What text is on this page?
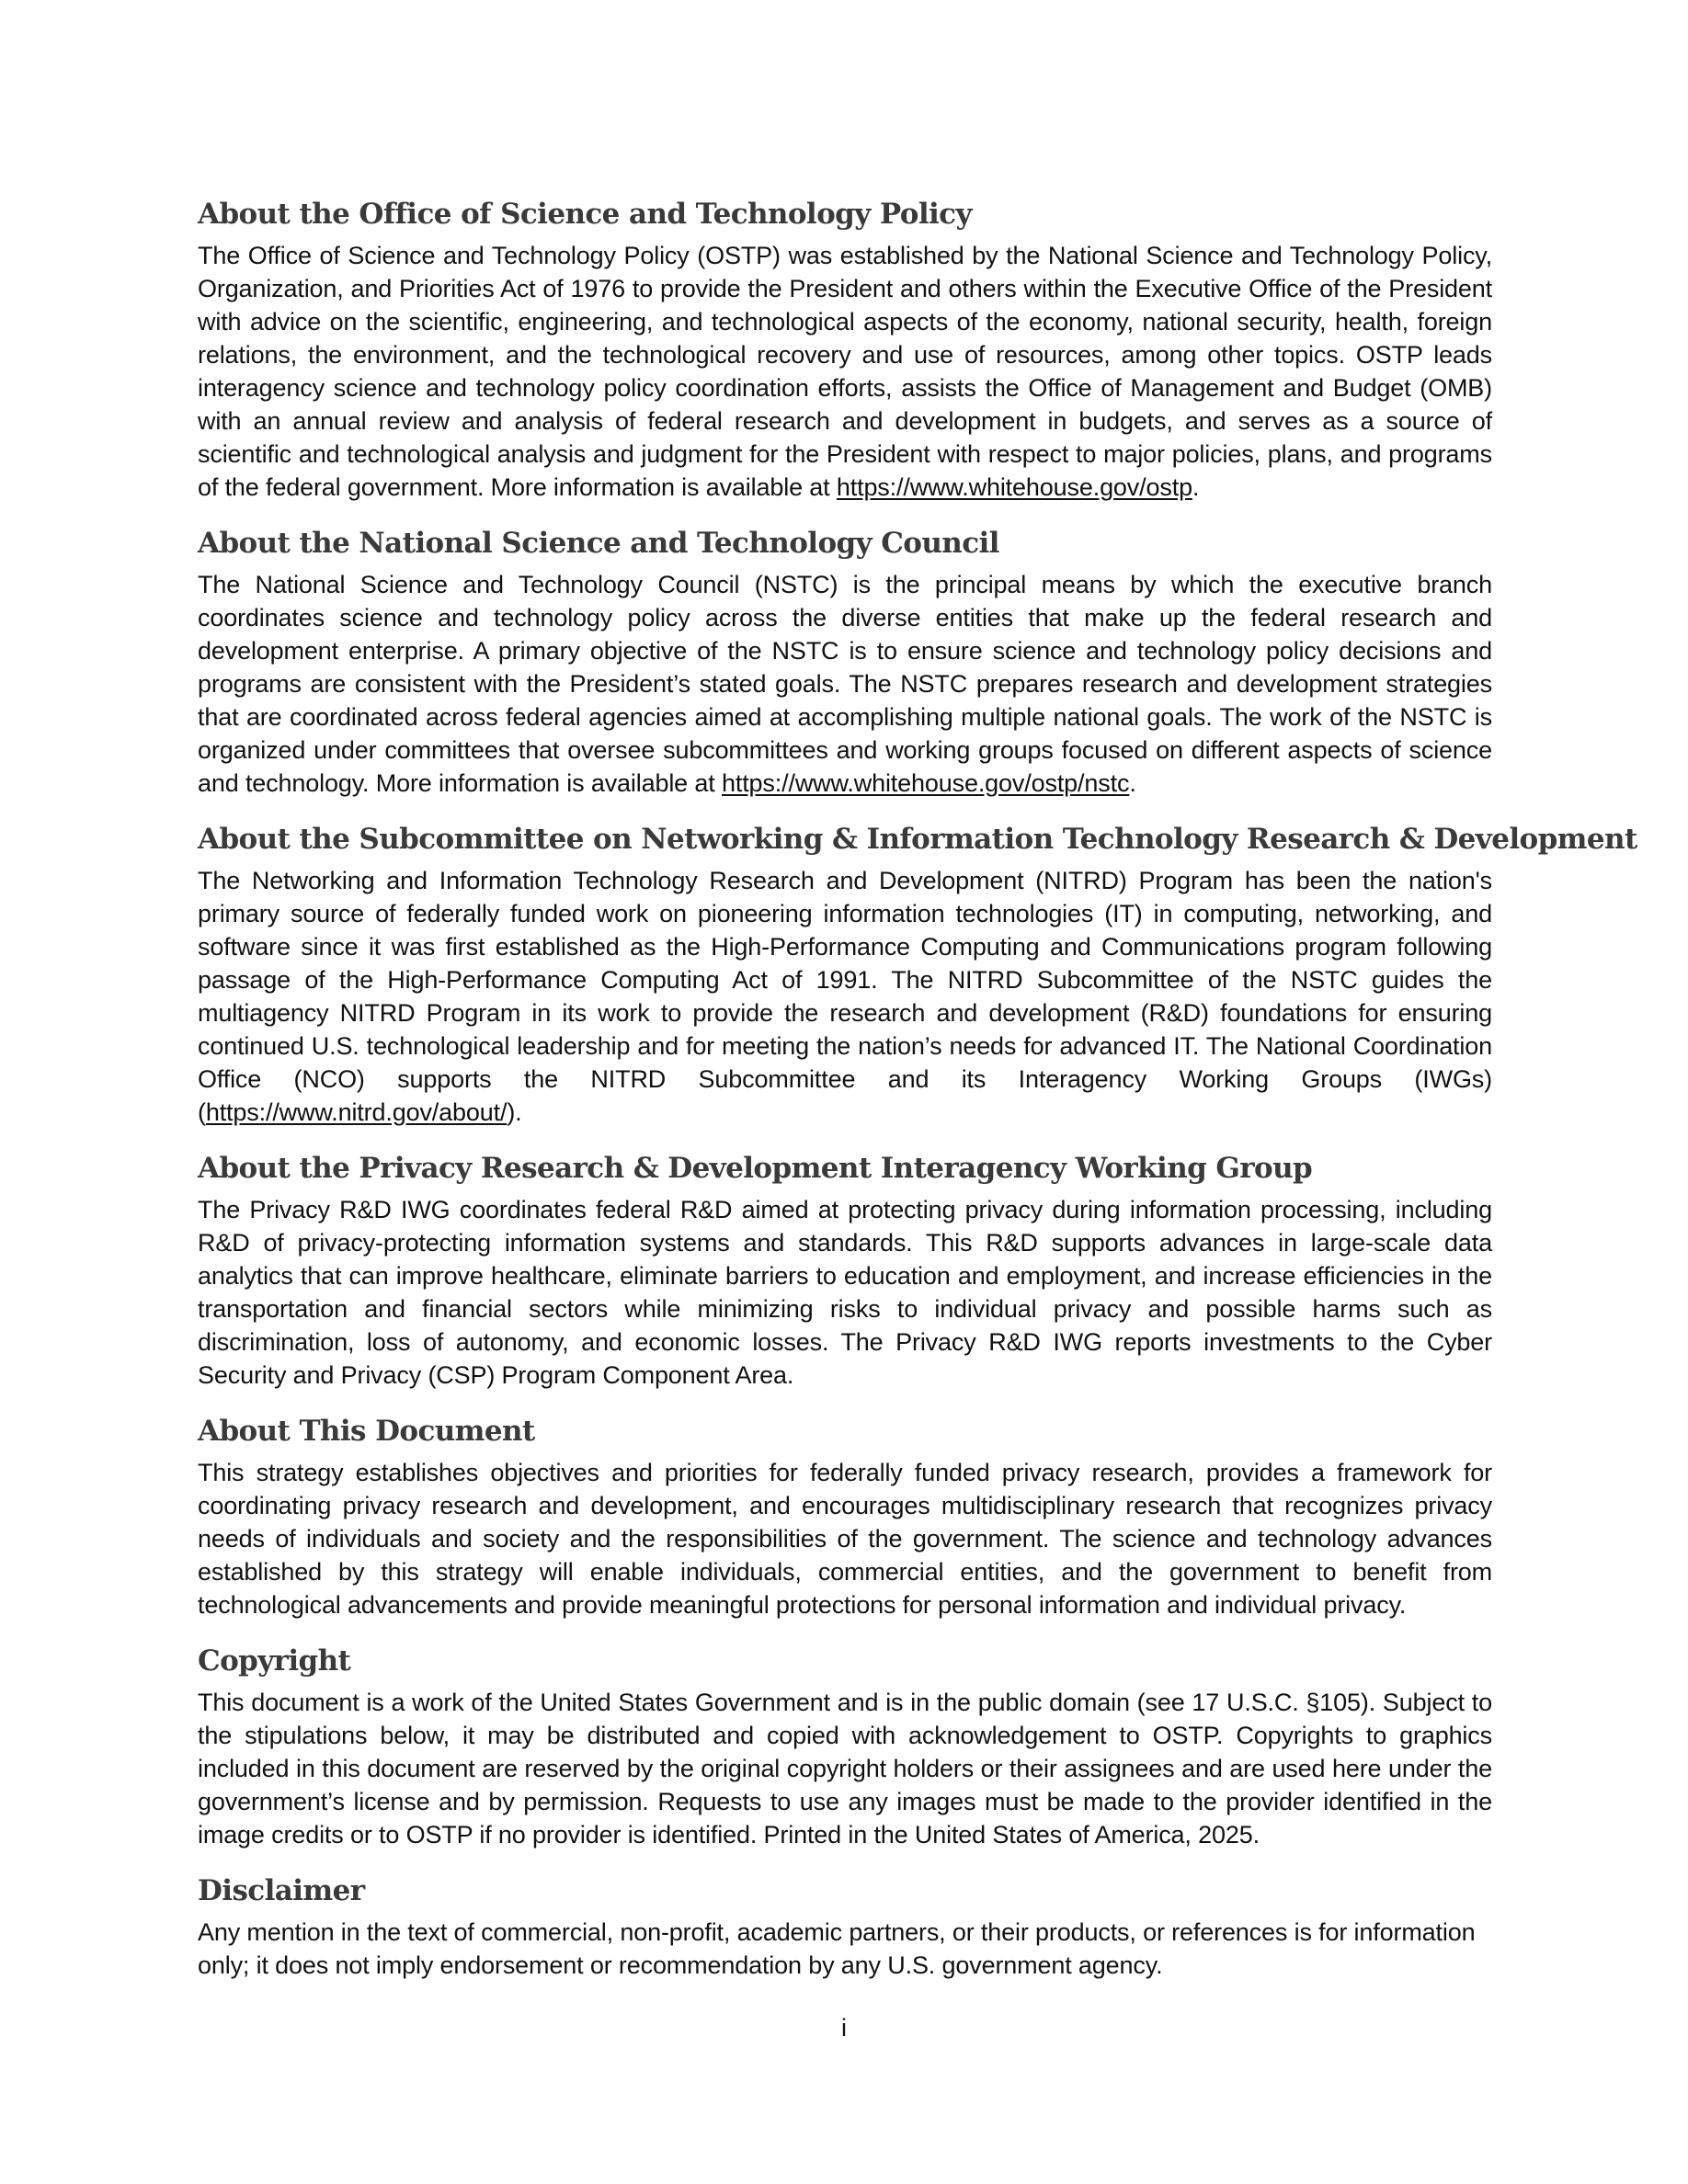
About the Office of Science and Technology Policy

The Office of Science and Technology Policy (OSTP) was established by the National Science and Technology Policy, Organization, and Priorities Act of 1976 to provide the President and others within the Executive Office of the President with advice on the scientific, engineering, and technological aspects of the economy, national security, health, foreign relations, the environment, and the technological recovery and use of resources, among other topics. OSTP leads interagency science and technology policy coordination efforts, assists the Office of Management and Budget (OMB) with an annual review and analysis of federal research and development in budgets, and serves as a source of scientific and technological analysis and judgment for the President with respect to major policies, plans, and programs of the federal government. More information is available at https://www.whitehouse.gov/ostp.

About the National Science and Technology Council

The National Science and Technology Council (NSTC) is the principal means by which the executive branch coordinates science and technology policy across the diverse entities that make up the federal research and development enterprise. A primary objective of the NSTC is to ensure science and technology policy decisions and programs are consistent with the President’s stated goals. The NSTC prepares research and development strategies that are coordinated across federal agencies aimed at accomplishing multiple national goals. The work of the NSTC is organized under committees that oversee subcommittees and working groups focused on different aspects of science and technology. More information is available at https://www.whitehouse.gov/ostp/nstc.

About the Subcommittee on Networking & Information Technology Research & Development

The Networking and Information Technology Research and Development (NITRD) Program has been the nation's primary source of federally funded work on pioneering information technologies (IT) in computing, networking, and software since it was first established as the High-Performance Computing and Communications program following passage of the High-Performance Computing Act of 1991. The NITRD Subcommittee of the NSTC guides the multiagency NITRD Program in its work to provide the research and development (R&D) foundations for ensuring continued U.S. technological leadership and for meeting the nation’s needs for advanced IT. The National Coordination Office (NCO) supports the NITRD Subcommittee and its Interagency Working Groups (IWGs) (https://www.nitrd.gov/about/).

About the Privacy Research & Development Interagency Working Group

The Privacy R&D IWG coordinates federal R&D aimed at protecting privacy during information processing, including R&D of privacy-protecting information systems and standards. This R&D supports advances in large-scale data analytics that can improve healthcare, eliminate barriers to education and employment, and increase efficiencies in the transportation and financial sectors while minimizing risks to individual privacy and possible harms such as discrimination, loss of autonomy, and economic losses. The Privacy R&D IWG reports investments to the Cyber Security and Privacy (CSP) Program Component Area.

About This Document

This strategy establishes objectives and priorities for federally funded privacy research, provides a framework for coordinating privacy research and development, and encourages multidisciplinary research that recognizes privacy needs of individuals and society and the responsibilities of the government. The science and technology advances established by this strategy will enable individuals, commercial entities, and the government to benefit from technological advancements and provide meaningful protections for personal information and individual privacy.

Copyright

This document is a work of the United States Government and is in the public domain (see 17 U.S.C. §105). Subject to the stipulations below, it may be distributed and copied with acknowledgement to OSTP. Copyrights to graphics included in this document are reserved by the original copyright holders or their assignees and are used here under the government’s license and by permission. Requests to use any images must be made to the provider identified in the image credits or to OSTP if no provider is identified. Printed in the United States of America, 2025.

Disclaimer

Any mention in the text of commercial, non-profit, academic partners, or their products, or references is for information only; it does not imply endorsement or recommendation by any U.S. government agency.

i
